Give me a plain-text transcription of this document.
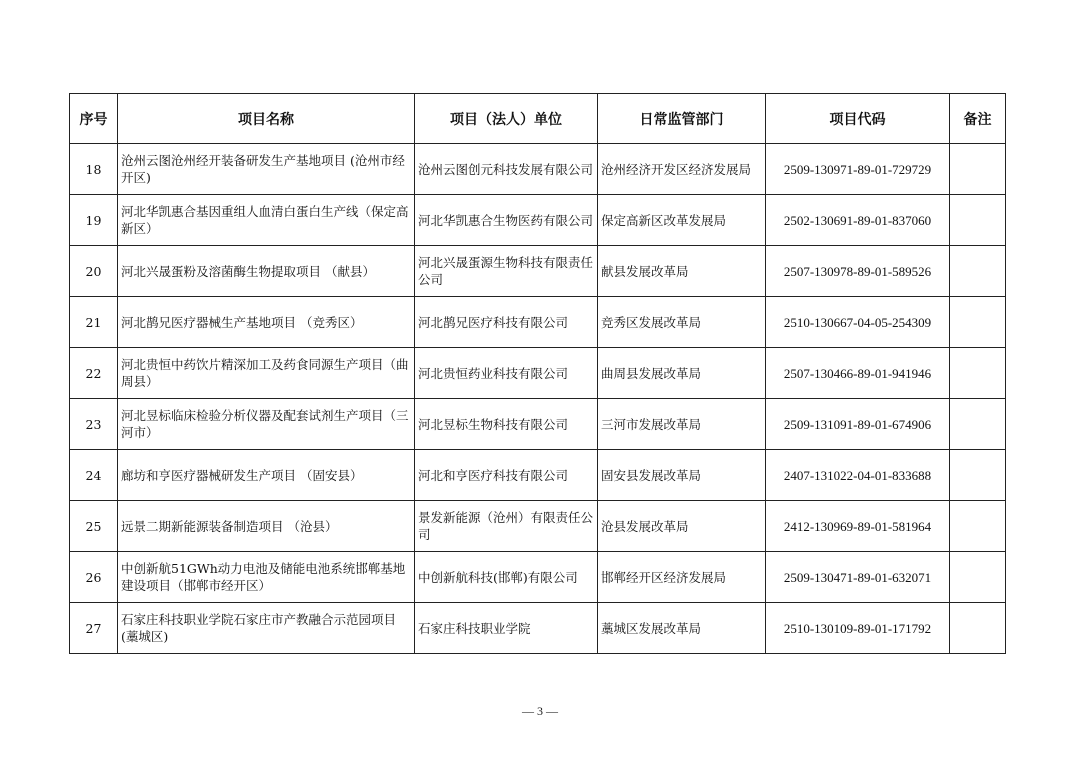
序号	项目名称	项目（法人）单位	日常监管部门	项目代码	备注
18	沧州云图沧州经开装备研发生产基地项目 (沧州市经开区)	沧州云图创元科技发展有限公司	沧州经济开发区经济发展局	2509-130971-89-01-729729	
19	河北华凯惠合基因重组人血清白蛋白生产线（保定高新区）	河北华凯惠合生物医药有限公司	保定高新区改革发展局	2502-130691-89-01-837060	
20	河北兴晟蛋粉及溶菌酶生物提取项目 （献县）	河北兴晟蛋源生物科技有限责任公司	献县发展改革局	2507-130978-89-01-589526	
21	河北鹊兄医疗器械生产基地项目 （竞秀区）	河北鹊兄医疗科技有限公司	竞秀区发展改革局	2510-130667-04-05-254309	
22	河北贵恒中药饮片精深加工及药食同源生产项目（曲周县）	河北贵恒药业科技有限公司	曲周县发展改革局	2507-130466-89-01-941946	
23	河北昱标临床检验分析仪器及配套试剂生产项目（三河市）	河北昱标生物科技有限公司	三河市发展改革局	2509-131091-89-01-674906	
24	廊坊和亨医疗器械研发生产项目 （固安县）	河北和亨医疗科技有限公司	固安县发展改革局	2407-131022-04-01-833688	
25	远景二期新能源装备制造项目 （沧县）	景发新能源（沧州）有限责任公司	沧县发展改革局	2412-130969-89-01-581964	
26	中创新航51GWh动力电池及储能电池系统邯郸基地建设项目（邯郸市经开区）	中创新航科技(邯郸)有限公司	邯郸经开区经济发展局	2509-130471-89-01-632071	
27	石家庄科技职业学院石家庄市产教融合示范园项目(藁城区)	石家庄科技职业学院	藁城区发展改革局	2510-130109-89-01-171792	
— 3 —
